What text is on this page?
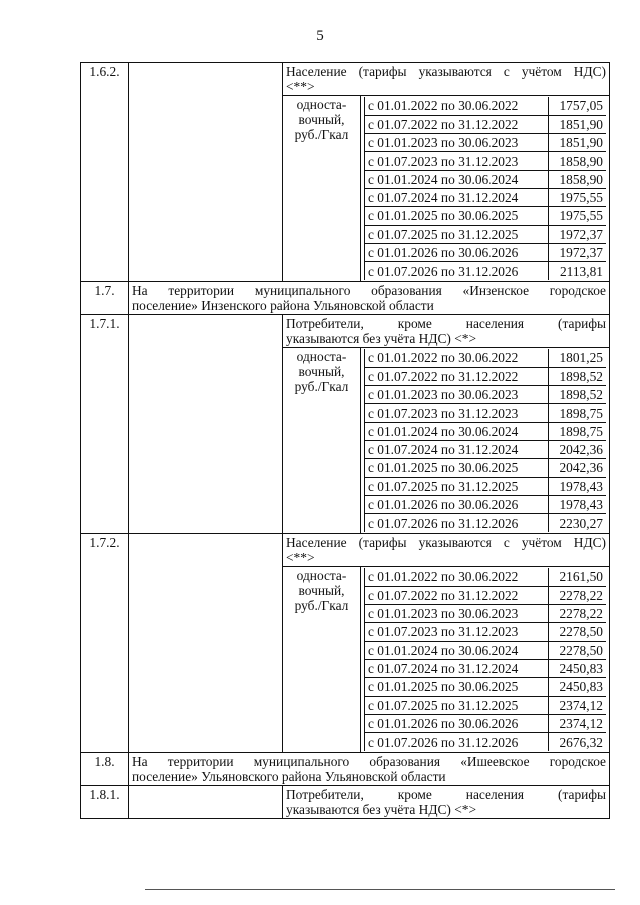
5
1.6.2.		Население (тарифы указываются с учётом НДС)
<**>

односта-
вочный,
руб./Гкал

с 01.01.2022 по 30.06.2022	1757,05
с 01.07.2022 по 31.12.2022	1851,90
с 01.01.2023 по 30.06.2023	1851,90
с 01.07.2023 по 31.12.2023	1858,90
с 01.01.2024 по 30.06.2024	1858,90
с 01.07.2024 по 31.12.2024	1975,55
с 01.01.2025 по 30.06.2025	1975,55
с 01.07.2025 по 31.12.2025	1972,37
с 01.01.2026 по 30.06.2026	1972,37
с 01.07.2026 по 31.12.2026	2113,81

1.7.	На территории муниципального образования «Инзенское городское
поселение» Инзенского района Ульяновской области
1.7.1.		Потребители, кроме населения (тарифы
указываются без учёта НДС) <*>

односта-
вочный,
руб./Гкал

с 01.01.2022 по 30.06.2022	1801,25
с 01.07.2022 по 31.12.2022	1898,52
с 01.01.2023 по 30.06.2023	1898,52
с 01.07.2023 по 31.12.2023	1898,75
с 01.01.2024 по 30.06.2024	1898,75
с 01.07.2024 по 31.12.2024	2042,36
с 01.01.2025 по 30.06.2025	2042,36
с 01.07.2025 по 31.12.2025	1978,43
с 01.01.2026 по 30.06.2026	1978,43
с 01.07.2026 по 31.12.2026	2230,27

1.7.2.		Население (тарифы указываются с учётом НДС)
<**>

односта-
вочный,
руб./Гкал

с 01.01.2022 по 30.06.2022	2161,50
с 01.07.2022 по 31.12.2022	2278,22
с 01.01.2023 по 30.06.2023	2278,22
с 01.07.2023 по 31.12.2023	2278,50
с 01.01.2024 по 30.06.2024	2278,50
с 01.07.2024 по 31.12.2024	2450,83
с 01.01.2025 по 30.06.2025	2450,83
с 01.07.2025 по 31.12.2025	2374,12
с 01.01.2026 по 30.06.2026	2374,12
с 01.07.2026 по 31.12.2026	2676,32

1.8.	На территории муниципального образования «Ишеевское городское
поселение» Ульяновского района Ульяновской области
1.8.1.		Потребители, кроме населения (тарифы
указываются без учёта НДС) <*>
